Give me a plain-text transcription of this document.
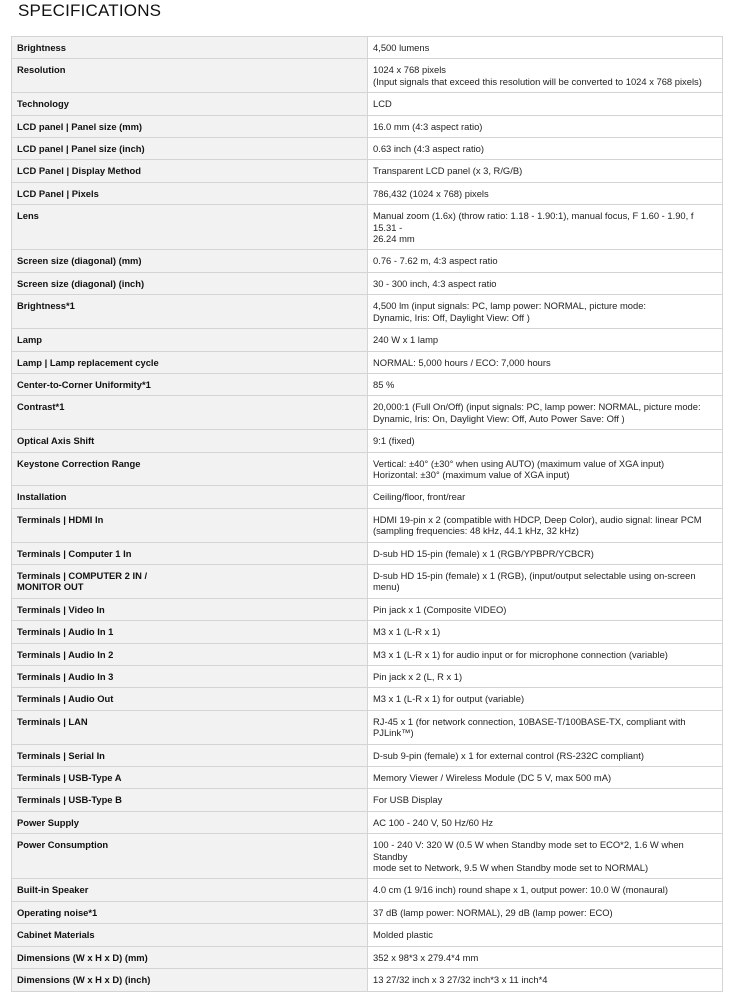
SPECIFICATIONS
Brightness	4,500 lumens
Resolution	1024 x 768 pixels
(Input signals that exceed this resolution will be converted to 1024 x 768 pixels)
Technology	LCD
LCD panel | Panel size (mm)	16.0 mm (4:3 aspect ratio)
LCD panel | Panel size (inch)	0.63 inch (4:3 aspect ratio)
LCD Panel | Display Method	Transparent LCD panel (x 3, R/G/B)
LCD Panel | Pixels	786,432 (1024 x 768) pixels
Lens	Manual zoom (1.6x) (throw ratio: 1.18 - 1.90:1), manual focus, F 1.60 - 1.90, f 15.31 -
26.24 mm
Screen size (diagonal) (mm)	0.76 - 7.62 m, 4:3 aspect ratio
Screen size (diagonal) (inch)	30 - 300 inch, 4:3 aspect ratio
Brightness*1	4,500 lm (input signals: PC, lamp power: NORMAL, picture mode:
Dynamic, Iris: Off, Daylight View: Off )
Lamp	240 W x 1 lamp
Lamp | Lamp replacement cycle	NORMAL: 5,000 hours / ECO: 7,000 hours
Center-to-Corner Uniformity*1	85 %
Contrast*1	20,000:1 (Full On/Off) (input signals: PC, lamp power: NORMAL, picture mode:
Dynamic, Iris: On, Daylight View: Off, Auto Power Save: Off )
Optical Axis Shift	9:1 (fixed)
Keystone Correction Range	Vertical: ±40° (±30° when using AUTO) (maximum value of XGA input)
Horizontal: ±30° (maximum value of XGA input)
Installation	Ceiling/floor, front/rear
Terminals | HDMI In	HDMI 19-pin x 2 (compatible with HDCP, Deep Color), audio signal: linear PCM
(sampling frequencies: 48 kHz, 44.1 kHz, 32 kHz)
Terminals | Computer 1 In	D-sub HD 15-pin (female) x 1 (RGB/YPBPR/YCBCR)
Terminals | COMPUTER 2 IN /
MONITOR OUT	D-sub HD 15-pin (female) x 1 (RGB), (input/output selectable using on-screen menu)
Terminals | Video In	Pin jack x 1 (Composite VIDEO)
Terminals | Audio In 1	M3 x 1 (L-R x 1)
Terminals | Audio In 2	M3 x 1 (L-R x 1) for audio input or for microphone connection (variable)
Terminals | Audio In 3	Pin jack x 2 (L, R x 1)
Terminals | Audio Out	M3 x 1 (L-R x 1) for output (variable)
Terminals | LAN	RJ-45 x 1 (for network connection, 10BASE-T/100BASE-TX, compliant with
PJLink™)
Terminals | Serial In	D-sub 9-pin (female) x 1 for external control (RS-232C compliant)
Terminals | USB-Type A	Memory Viewer / Wireless Module (DC 5 V, max 500 mA)
Terminals | USB-Type B	For USB Display
Power Supply	AC 100 - 240 V, 50 Hz/60 Hz
Power Consumption	100 - 240 V: 320 W (0.5 W when Standby mode set to ECO*2, 1.6 W when Standby
mode set to Network, 9.5 W when Standby mode set to NORMAL)
Built-in Speaker	4.0 cm (1 9/16 inch) round shape x 1, output power: 10.0 W (monaural)
Operating noise*1	37 dB (lamp power: NORMAL), 29 dB (lamp power: ECO)
Cabinet Materials	Molded plastic
Dimensions (W x H x D) (mm)	352 x 98*3 x 279.4*4 mm
Dimensions (W x H x D) (inch)	13 27/32 inch x 3 27/32 inch*3 x 11 inch*4
